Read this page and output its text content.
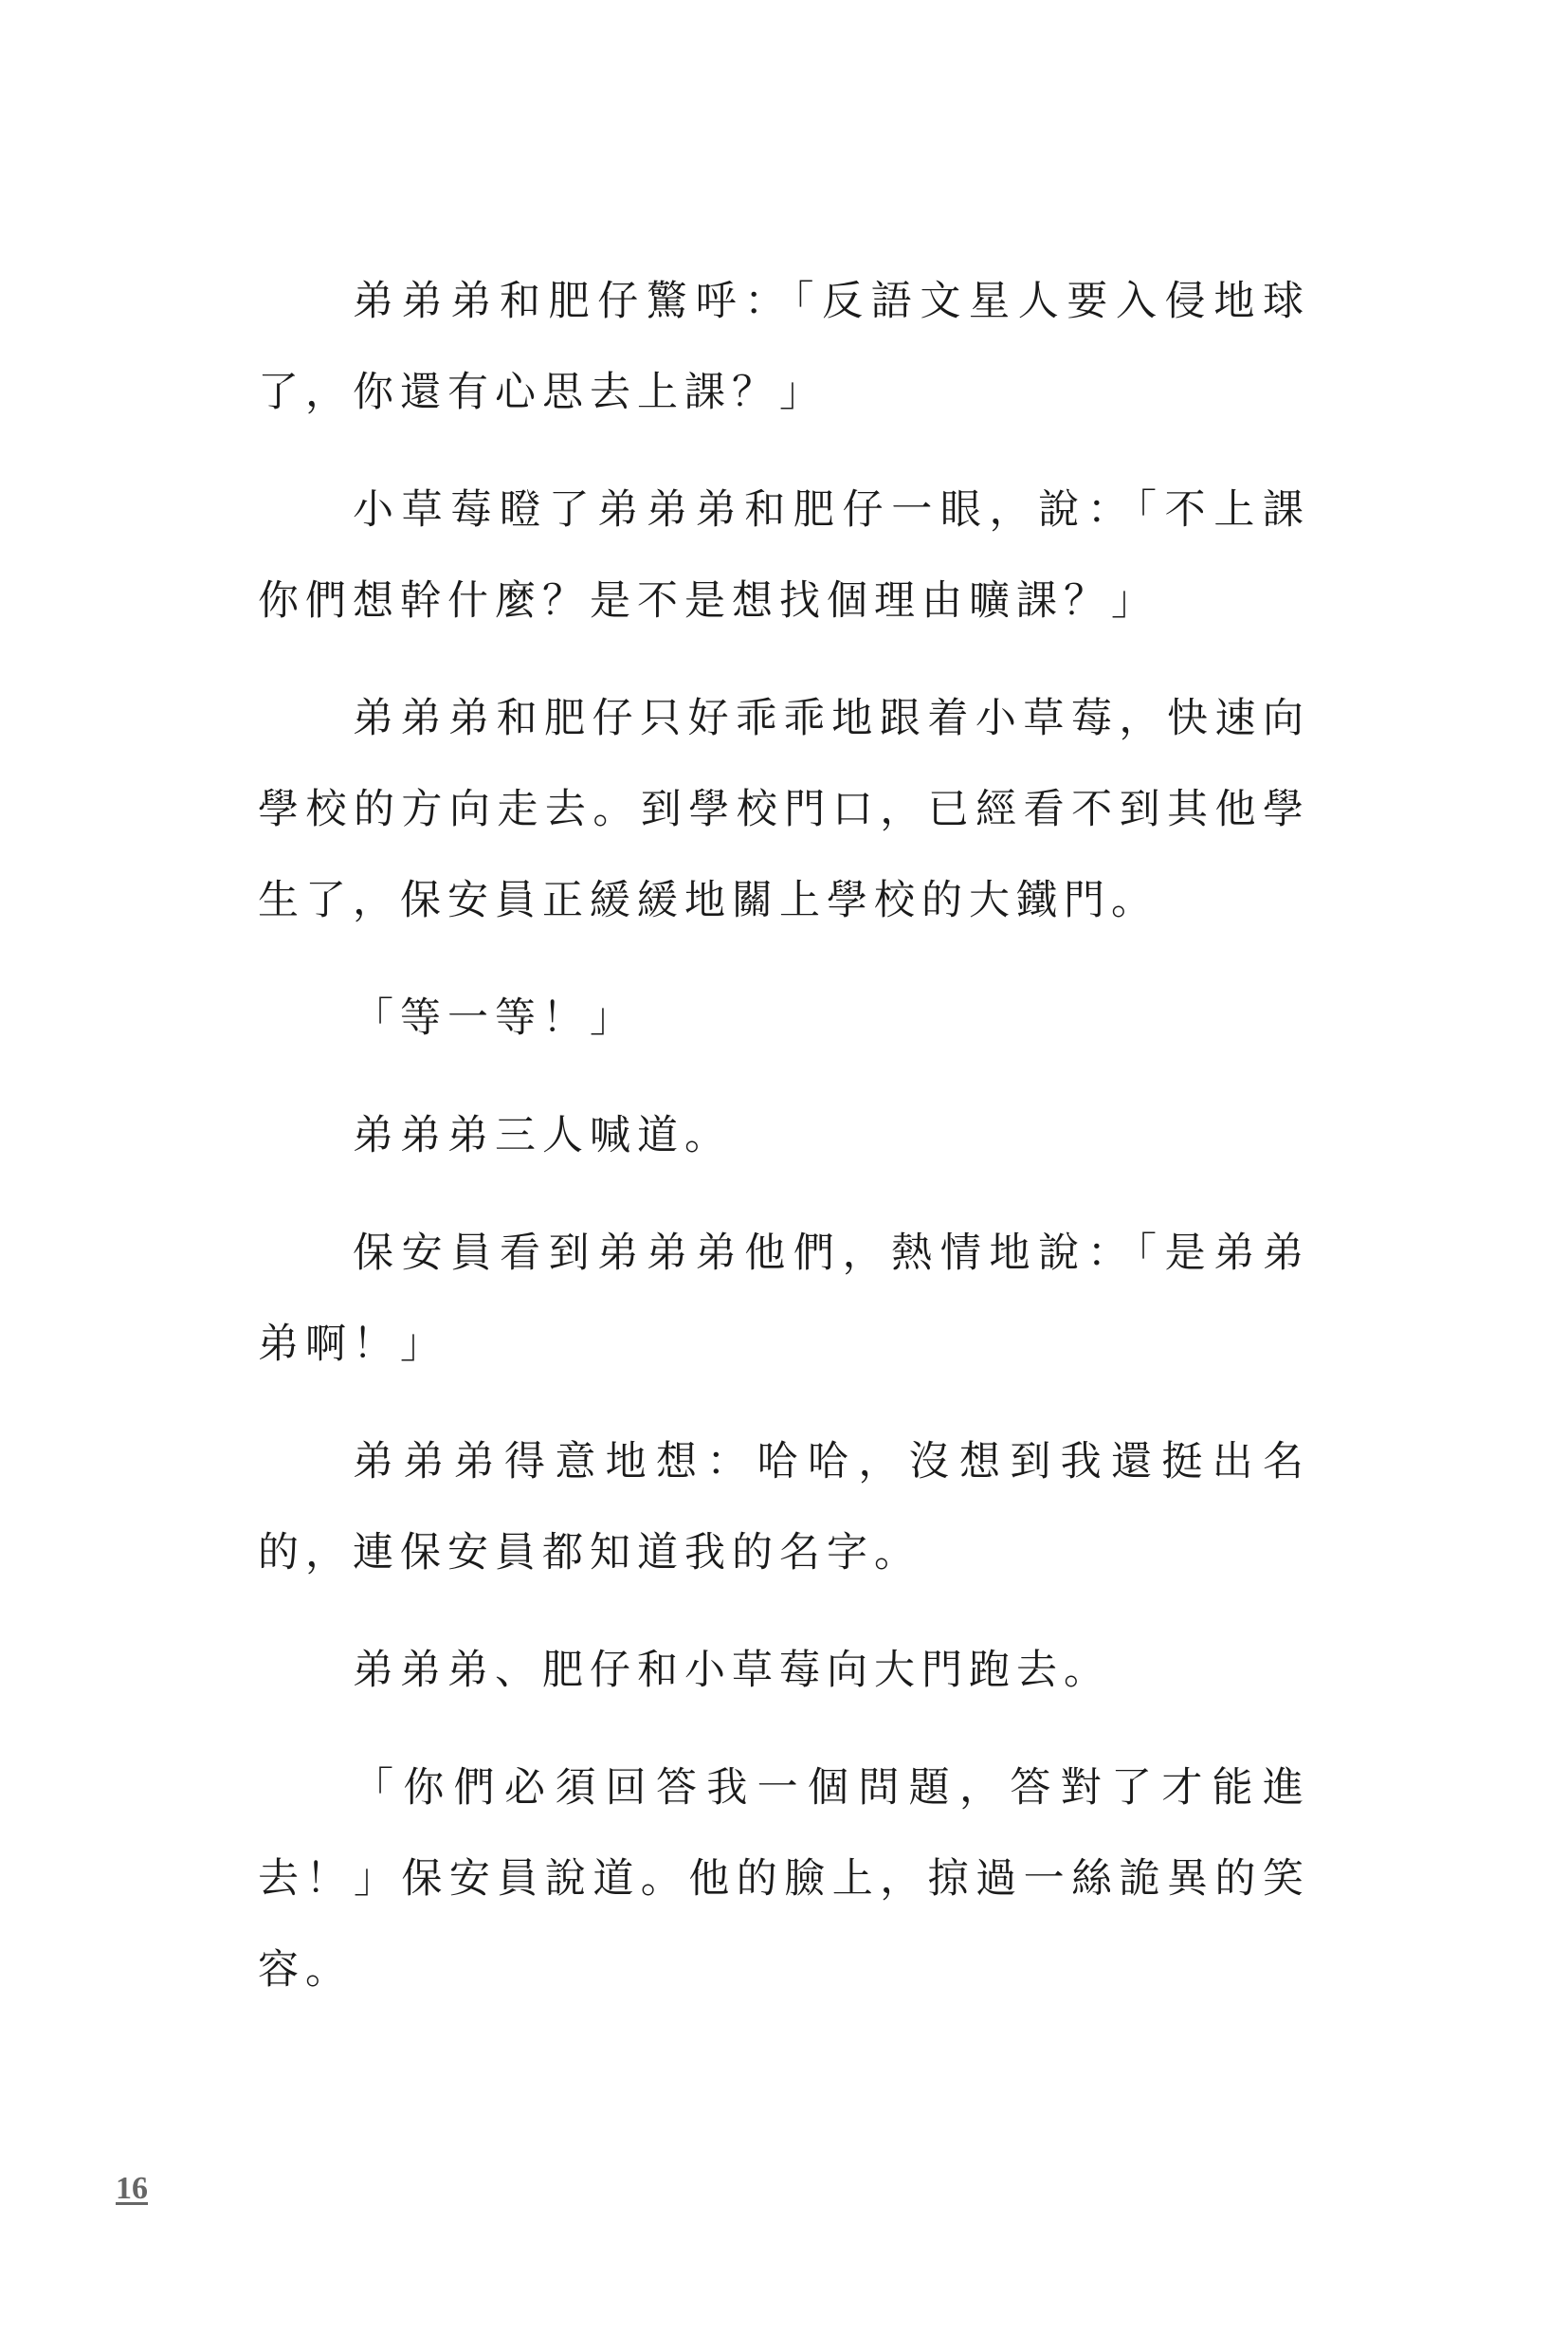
弟弟弟和肥仔驚呼：「反語文星人要入侵地球了，你還有心思去上課？」

小草莓瞪了弟弟弟和肥仔一眼，說：「不上課你們想幹什麼？是不是想找個理由曠課？」

弟弟弟和肥仔只好乖乖地跟着小草莓，快速向學校的方向走去。到學校門口，已經看不到其他學生了，保安員正緩緩地關上學校的大鐵門。

「等一等！」

弟弟弟三人喊道。

保安員看到弟弟弟他們，熱情地說：「是弟弟弟啊！」

弟弟弟得意地想：哈哈，沒想到我還挺出名的，連保安員都知道我的名字。

弟弟弟、肥仔和小草莓向大門跑去。

「你們必須回答我一個問題，答對了才能進去！」保安員說道。他的臉上，掠過一絲詭異的笑容。

16
